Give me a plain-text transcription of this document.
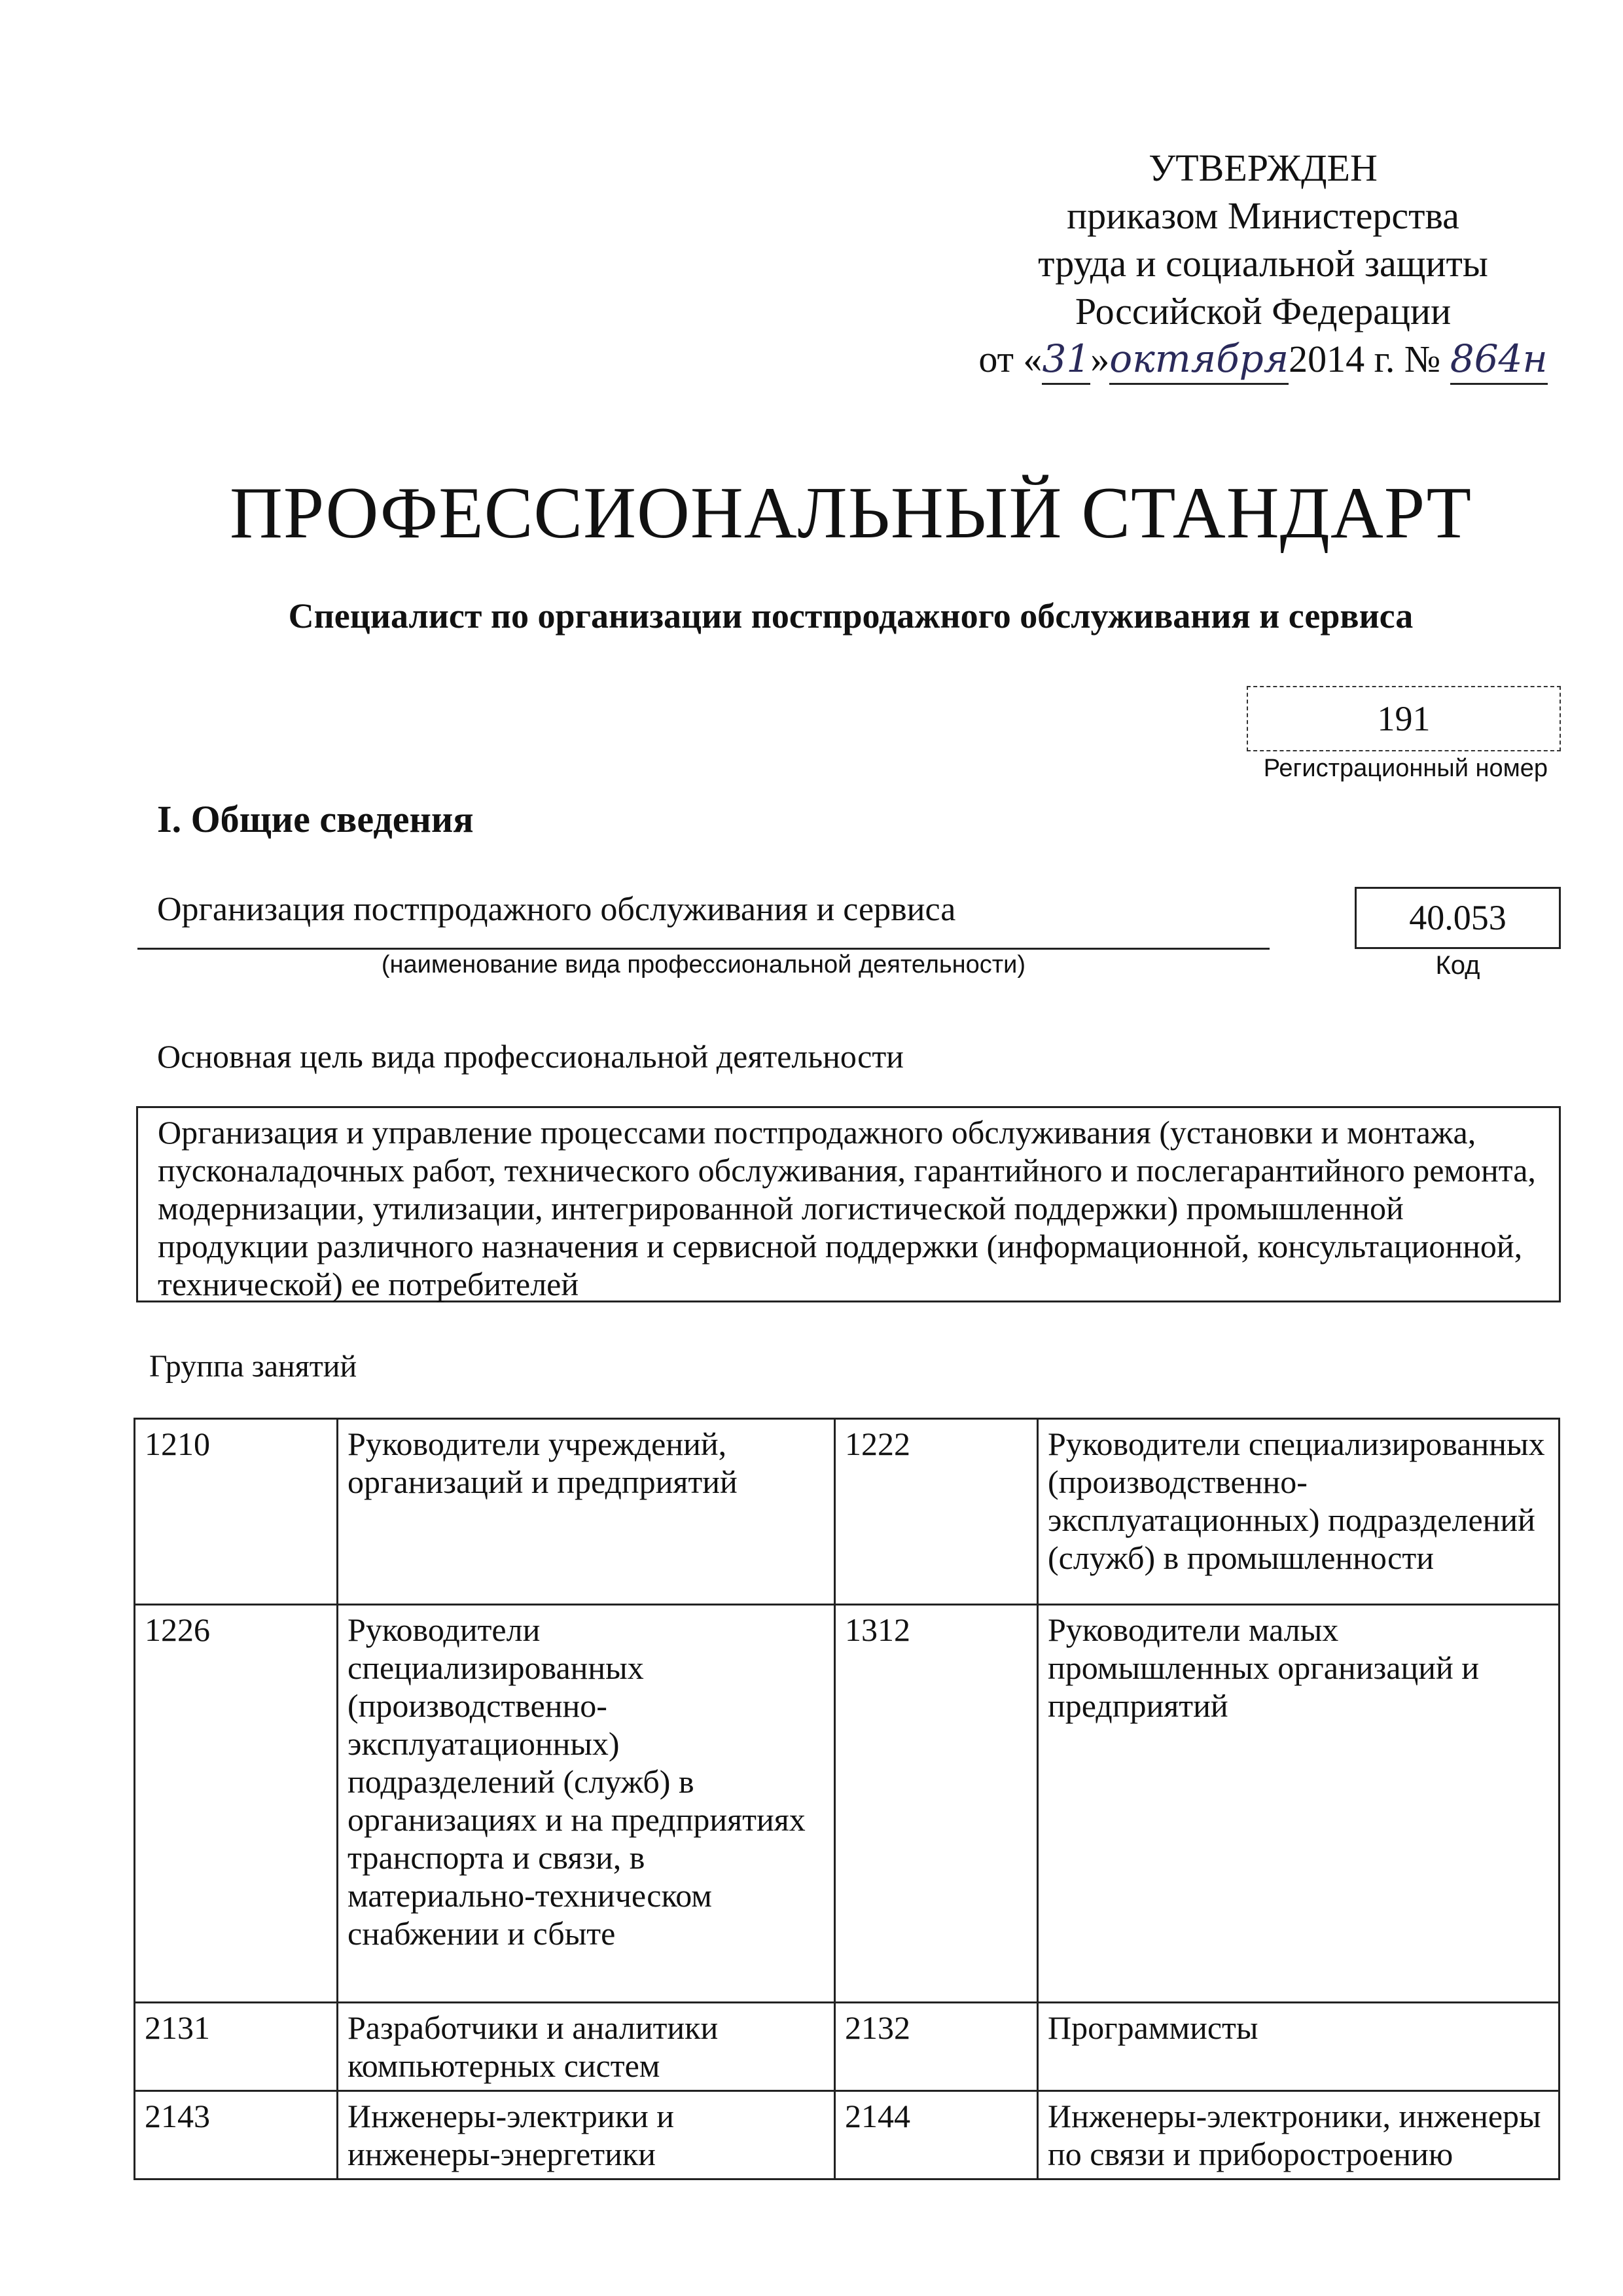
УТВЕРЖДЕН
приказом Министерства
труда и социальной защиты
Российской Федерации
от «31»октября2014 г. № 864н
ПРОФЕССИОНАЛЬНЫЙ СТАНДАРТ
Специалист по организации постпродажного обслуживания и сервиса
191
Регистрационный номер
I. Общие сведения
Организация постпродажного обслуживания и сервиса
(наименование вида профессиональной деятельности)
40.053
Код
Основная цель вида профессиональной деятельности
Организация и управление процессами постпродажного обслуживания (установки и монтажа, пусконаладочных работ, технического обслуживания, гарантийного и послегарантийного ремонта, модернизации, утилизации, интегрированной логистической поддержки) промышленной продукции различного назначения и сервисной поддержки (информационной, консультационной, технической) ее потребителей
Группа занятий
1210	Руководители учреждений, организаций и предприятий	1222	Руководители специализированных (производственно-эксплуатационных) подразделений (служб) в промышленности
1226	Руководители специализированных (производственно-эксплуатационных) подразделений (служб) в организациях и на предприятиях транспорта и связи, в материально-техническом снабжении и сбыте	1312	Руководители малых промышленных организаций и предприятий
2131	Разработчики и аналитики компьютерных систем	2132	Программисты
2143	Инженеры-электрики и инженеры-энергетики	2144	Инженеры-электроники, инженеры по связи и приборостроению
